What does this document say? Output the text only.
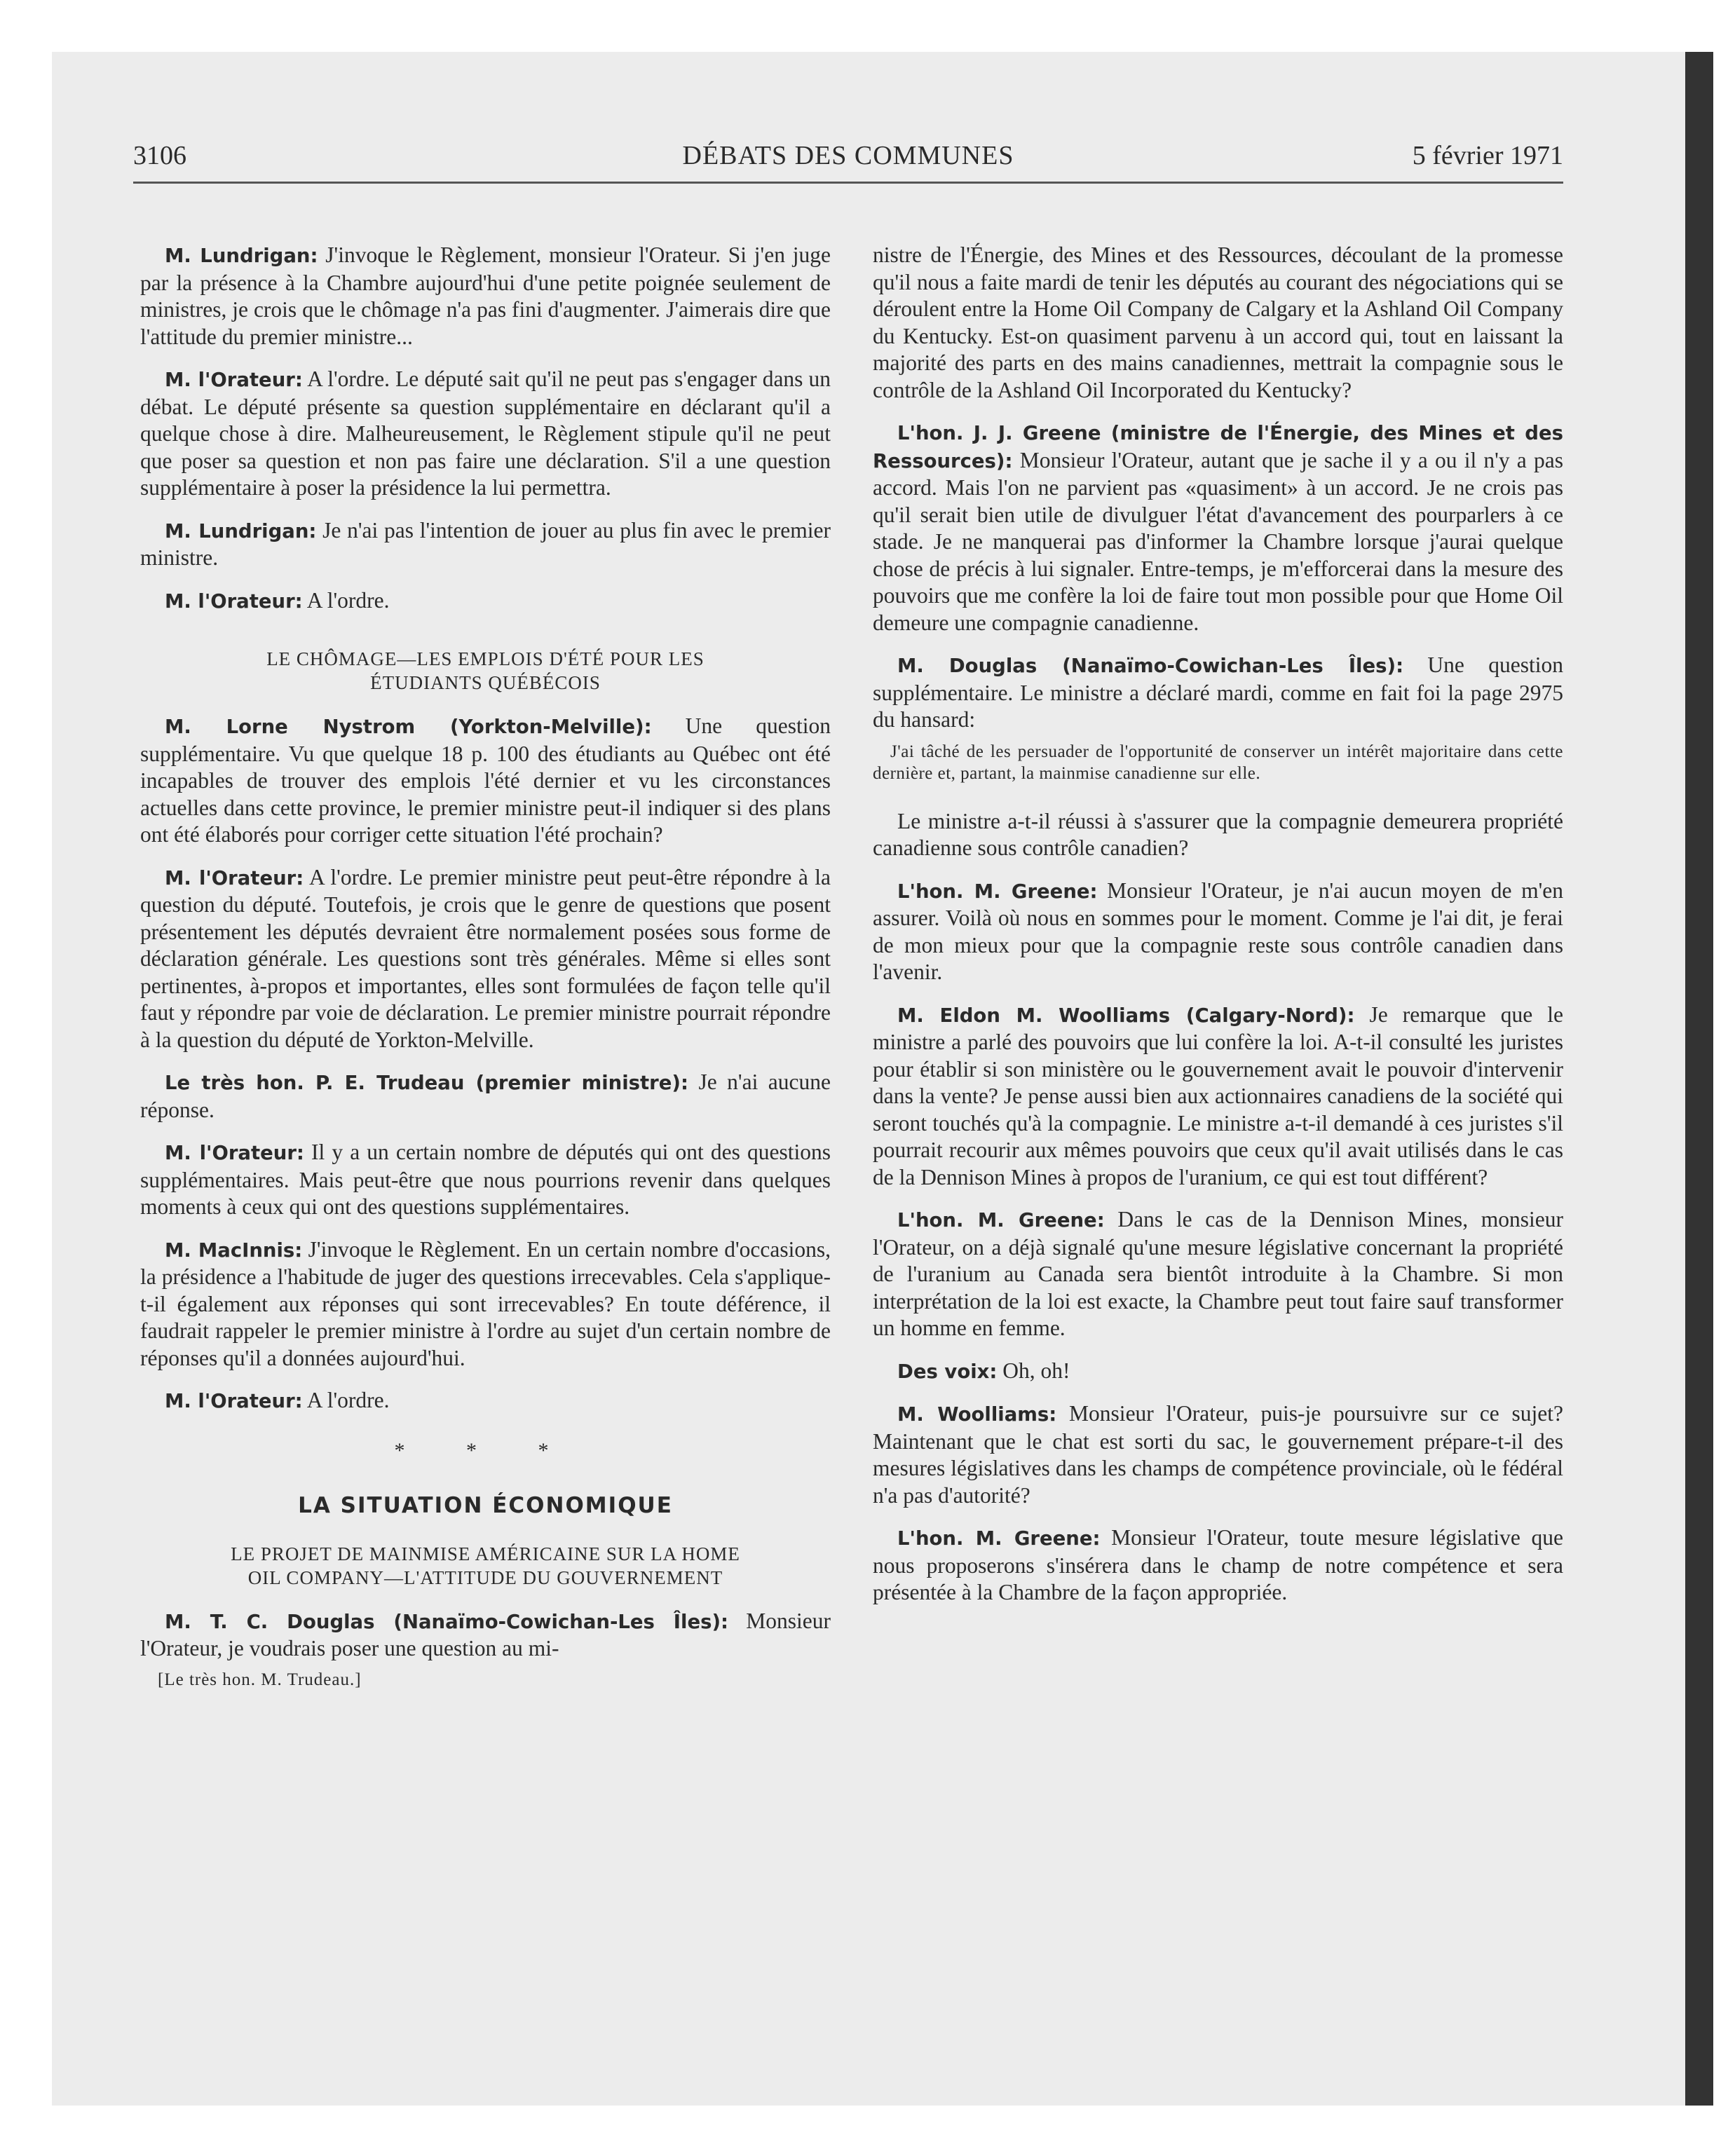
DÉBATS DES COMMUNES
3106	5 février 1971

M. Lundrigan: J'invoque le Règlement, monsieur l'Orateur. Si j'en juge par la présence à la Chambre aujourd'hui d'une petite poignée seulement de ministres, je crois que le chômage n'a pas fini d'augmenter. J'aimerais dire que l'attitude du premier ministre...

M. l'Orateur: A l'ordre. Le député sait qu'il ne peut pas s'engager dans un débat. Le député présente sa question supplémentaire en déclarant qu'il a quelque chose à dire. Malheureusement, le Règlement stipule qu'il ne peut que poser sa question et non pas faire une déclaration. S'il a une question supplémentaire à poser la présidence la lui permettra.

M. Lundrigan: Je n'ai pas l'intention de jouer au plus fin avec le premier ministre.

M. l'Orateur: A l'ordre.

LE CHÔMAGE—LES EMPLOIS D'ÉTÉ POUR LES
ÉTUDIANTS QUÉBÉCOIS

M. Lorne Nystrom (Yorkton-Melville): Une question supplémentaire. Vu que quelque 18 p. 100 des étudiants au Québec ont été incapables de trouver des emplois l'été dernier et vu les circonstances actuelles dans cette province, le premier ministre peut-il indiquer si des plans ont été élaborés pour corriger cette situation l'été prochain?

M. l'Orateur: A l'ordre. Le premier ministre peut peut-être répondre à la question du député. Toutefois, je crois que le genre de questions que posent présentement les députés devraient être normalement posées sous forme de déclaration générale. Les questions sont très générales. Même si elles sont pertinentes, à-propos et importantes, elles sont formulées de façon telle qu'il faut y répondre par voie de déclaration. Le premier ministre pourrait répondre à la question du député de Yorkton-Melville.

Le très hon. P. E. Trudeau (premier ministre): Je n'ai aucune réponse.

M. l'Orateur: Il y a un certain nombre de députés qui ont des questions supplémentaires. Mais peut-être que nous pourrions revenir dans quelques moments à ceux qui ont des questions supplémentaires.

M. MacInnis: J'invoque le Règlement. En un certain nombre d'occasions, la présidence a l'habitude de juger des questions irrecevables. Cela s'applique-t-il également aux réponses qui sont irrecevables? En toute déférence, il faudrait rappeler le premier ministre à l'ordre au sujet d'un certain nombre de réponses qu'il a données aujourd'hui.

M. l'Orateur: A l'ordre.

* * *
LA SITUATION ÉCONOMIQUE
LE PROJET DE MAINMISE AMÉRICAINE SUR LA HOME
OIL COMPANY—L'ATTITUDE DU GOUVERNEMENT

M. T. C. Douglas (Nanaïmo-Cowichan-Les Îles): Monsieur l'Orateur, je voudrais poser une question au mi-

[Le très hon. M. Trudeau.]

nistre de l'Énergie, des Mines et des Ressources, découlant de la promesse qu'il nous a faite mardi de tenir les députés au courant des négociations qui se déroulent entre la Home Oil Company de Calgary et la Ashland Oil Company du Kentucky. Est-on quasiment parvenu à un accord qui, tout en laissant la majorité des parts en des mains canadiennes, mettrait la compagnie sous le contrôle de la Ashland Oil Incorporated du Kentucky?

L'hon. J. J. Greene (ministre de l'Énergie, des Mines et des Ressources): Monsieur l'Orateur, autant que je sache il y a ou il n'y a pas accord. Mais l'on ne parvient pas «quasiment» à un accord. Je ne crois pas qu'il serait bien utile de divulguer l'état d'avancement des pourparlers à ce stade. Je ne manquerai pas d'informer la Chambre lorsque j'aurai quelque chose de précis à lui signaler. Entre-temps, je m'efforcerai dans la mesure des pouvoirs que me confère la loi de faire tout mon possible pour que Home Oil demeure une compagnie canadienne.

M. Douglas (Nanaïmo-Cowichan-Les Îles): Une question supplémentaire. Le ministre a déclaré mardi, comme en fait foi la page 2975 du hansard:

J'ai tâché de les persuader de l'opportunité de conserver un intérêt majoritaire dans cette dernière et, partant, la mainmise canadienne sur elle.

Le ministre a-t-il réussi à s'assurer que la compagnie demeurera propriété canadienne sous contrôle canadien?

L'hon. M. Greene: Monsieur l'Orateur, je n'ai aucun moyen de m'en assurer. Voilà où nous en sommes pour le moment. Comme je l'ai dit, je ferai de mon mieux pour que la compagnie reste sous contrôle canadien dans l'avenir.

M. Eldon M. Woolliams (Calgary-Nord): Je remarque que le ministre a parlé des pouvoirs que lui confère la loi. A-t-il consulté les juristes pour établir si son ministère ou le gouvernement avait le pouvoir d'intervenir dans la vente? Je pense aussi bien aux actionnaires canadiens de la société qui seront touchés qu'à la compagnie. Le ministre a-t-il demandé à ces juristes s'il pourrait recourir aux mêmes pouvoirs que ceux qu'il avait utilisés dans le cas de la Dennison Mines à propos de l'uranium, ce qui est tout différent?

L'hon. M. Greene: Dans le cas de la Dennison Mines, monsieur l'Orateur, on a déjà signalé qu'une mesure législative concernant la propriété de l'uranium au Canada sera bientôt introduite à la Chambre. Si mon interprétation de la loi est exacte, la Chambre peut tout faire sauf transformer un homme en femme.

Des voix: Oh, oh!

M. Woolliams: Monsieur l'Orateur, puis-je poursuivre sur ce sujet? Maintenant que le chat est sorti du sac, le gouvernement prépare-t-il des mesures législatives dans les champs de compétence provinciale, où le fédéral n'a pas d'autorité?

L'hon. M. Greene: Monsieur l'Orateur, toute mesure législative que nous proposerons s'insérera dans le champ de notre compétence et sera présentée à la Chambre de la façon appropriée.
